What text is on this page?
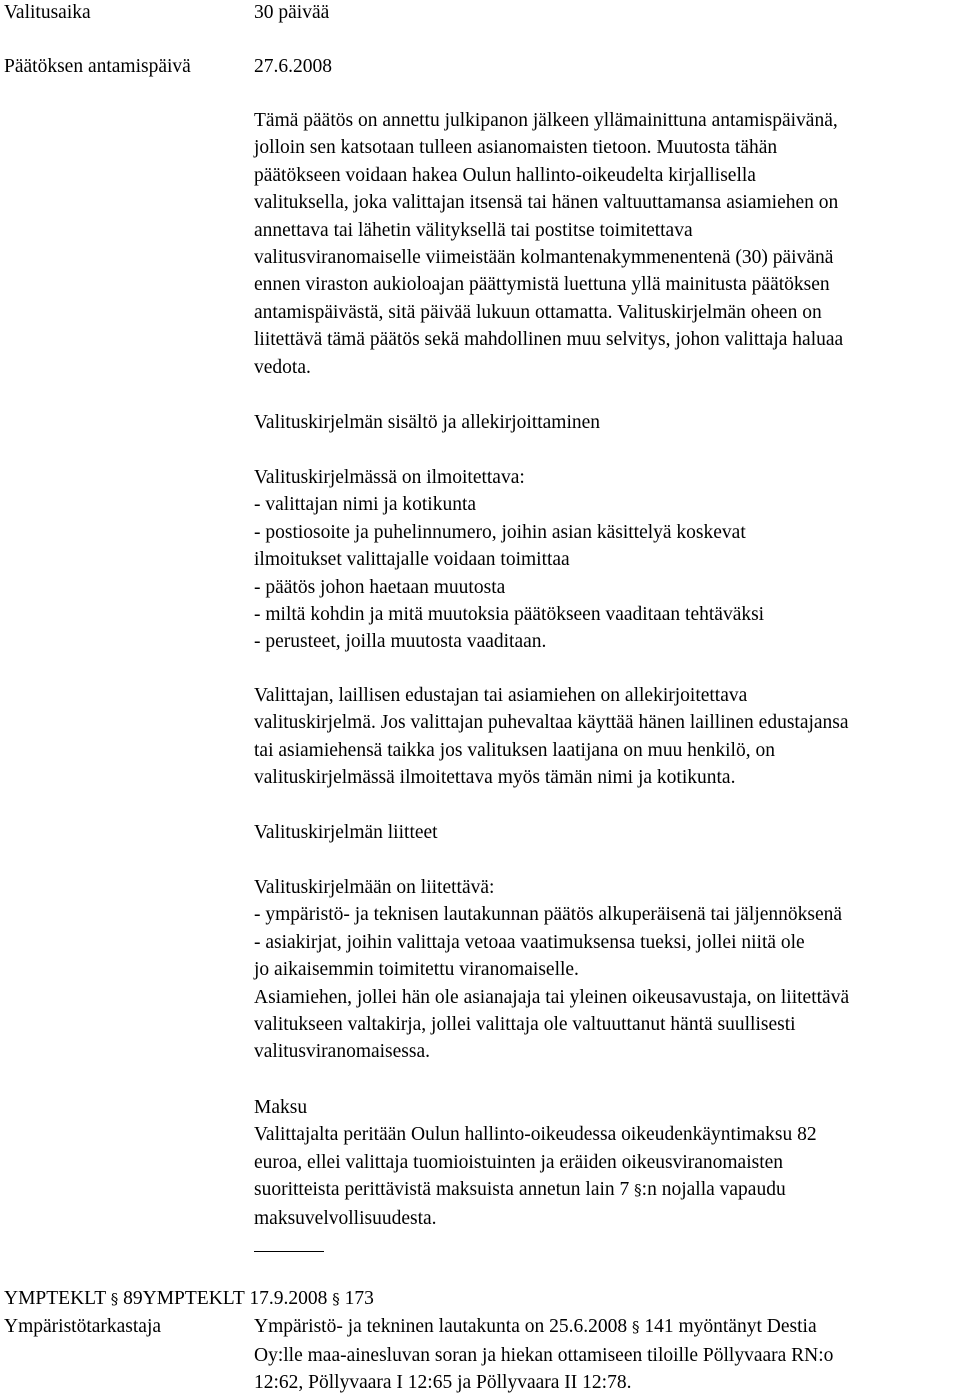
Valitusaika	30 päivää
Päätöksen antamispäivä	27.6.2008

Tämä päätös on annettu julkipanon jälkeen yllämainittuna antamispäivänä,

jolloin sen katsotaan tulleen asianomaisten tietoon. Muutosta tähän

päätökseen voidaan hakea Oulun hallinto-oikeudelta kirjallisella

valituksella, joka valittajan itsensä tai hänen valtuuttamansa asiamiehen on

annettava tai lähetin välityksellä tai postitse toimitettava

valitusviranomaiselle viimeistään kolmantenakymmenentenä (30) päivänä

ennen viraston aukioloajan päättymistä luettuna yllä mainitusta päätöksen

antamispäivästä, sitä päivää lukuun ottamatta. Valituskirjelmän oheen on

liitettävä tämä päätös sekä mahdollinen muu selvitys, johon valittaja haluaa

vedota.

Valituskirjelmän sisältö ja allekirjoittaminen

Valituskirjelmässä on ilmoitettava:

- valittajan nimi ja kotikunta

- postiosoite ja puhelinnumero, joihin asian käsittelyä koskevat

ilmoitukset valittajalle voidaan toimittaa

- päätös johon haetaan muutosta

- miltä kohdin ja mitä muutoksia päätökseen vaaditaan tehtäväksi

- perusteet, joilla muutosta vaaditaan.

Valittajan, laillisen edustajan tai asiamiehen on allekirjoitettava

valituskirjelmä. Jos valittajan puhevaltaa käyttää hänen laillinen edustajansa

tai asiamiehensä taikka jos valituksen laatijana on muu henkilö, on

valituskirjelmässä ilmoitettava myös tämän nimi ja kotikunta.

Valituskirjelmän liitteet

Valituskirjelmään on liitettävä:

- ympäristö- ja teknisen lautakunnan päätös alkuperäisenä tai jäljennöksenä

- asiakirjat, joihin valittaja vetoaa vaatimuksensa tueksi, jollei niitä ole

jo aikaisemmin toimitettu viranomaiselle.

Asiamiehen, jollei hän ole asianajaja tai yleinen oikeusavustaja, on liitettävä

valitukseen valtakirja, jollei valittaja ole valtuuttanut häntä suullisesti

valitusviranomaisessa.

Maksu

Valittajalta peritään Oulun hallinto-oikeudessa oikeudenkäyntimaksu 82

euroa, ellei valittaja tuomioistuinten ja eräiden oikeusviranomaisten

suoritteista perittävistä maksuista annetun lain 7 §:n nojalla vapaudu

maksuvelvollisuudesta.

YMPTEKLT § 89YMPTEKLT 17.9.2008 § 173

Ympäristötarkastaja	Ympäristö- ja tekninen lautakunta on 25.6.2008 § 141 myöntänyt Destia

Oy:lle maa-ainesluvan soran ja hiekan ottamiseen tiloille Pöllyvaara RN:o

12:62, Pöllyvaara I 12:65 ja Pöllyvaara II 12:78.
